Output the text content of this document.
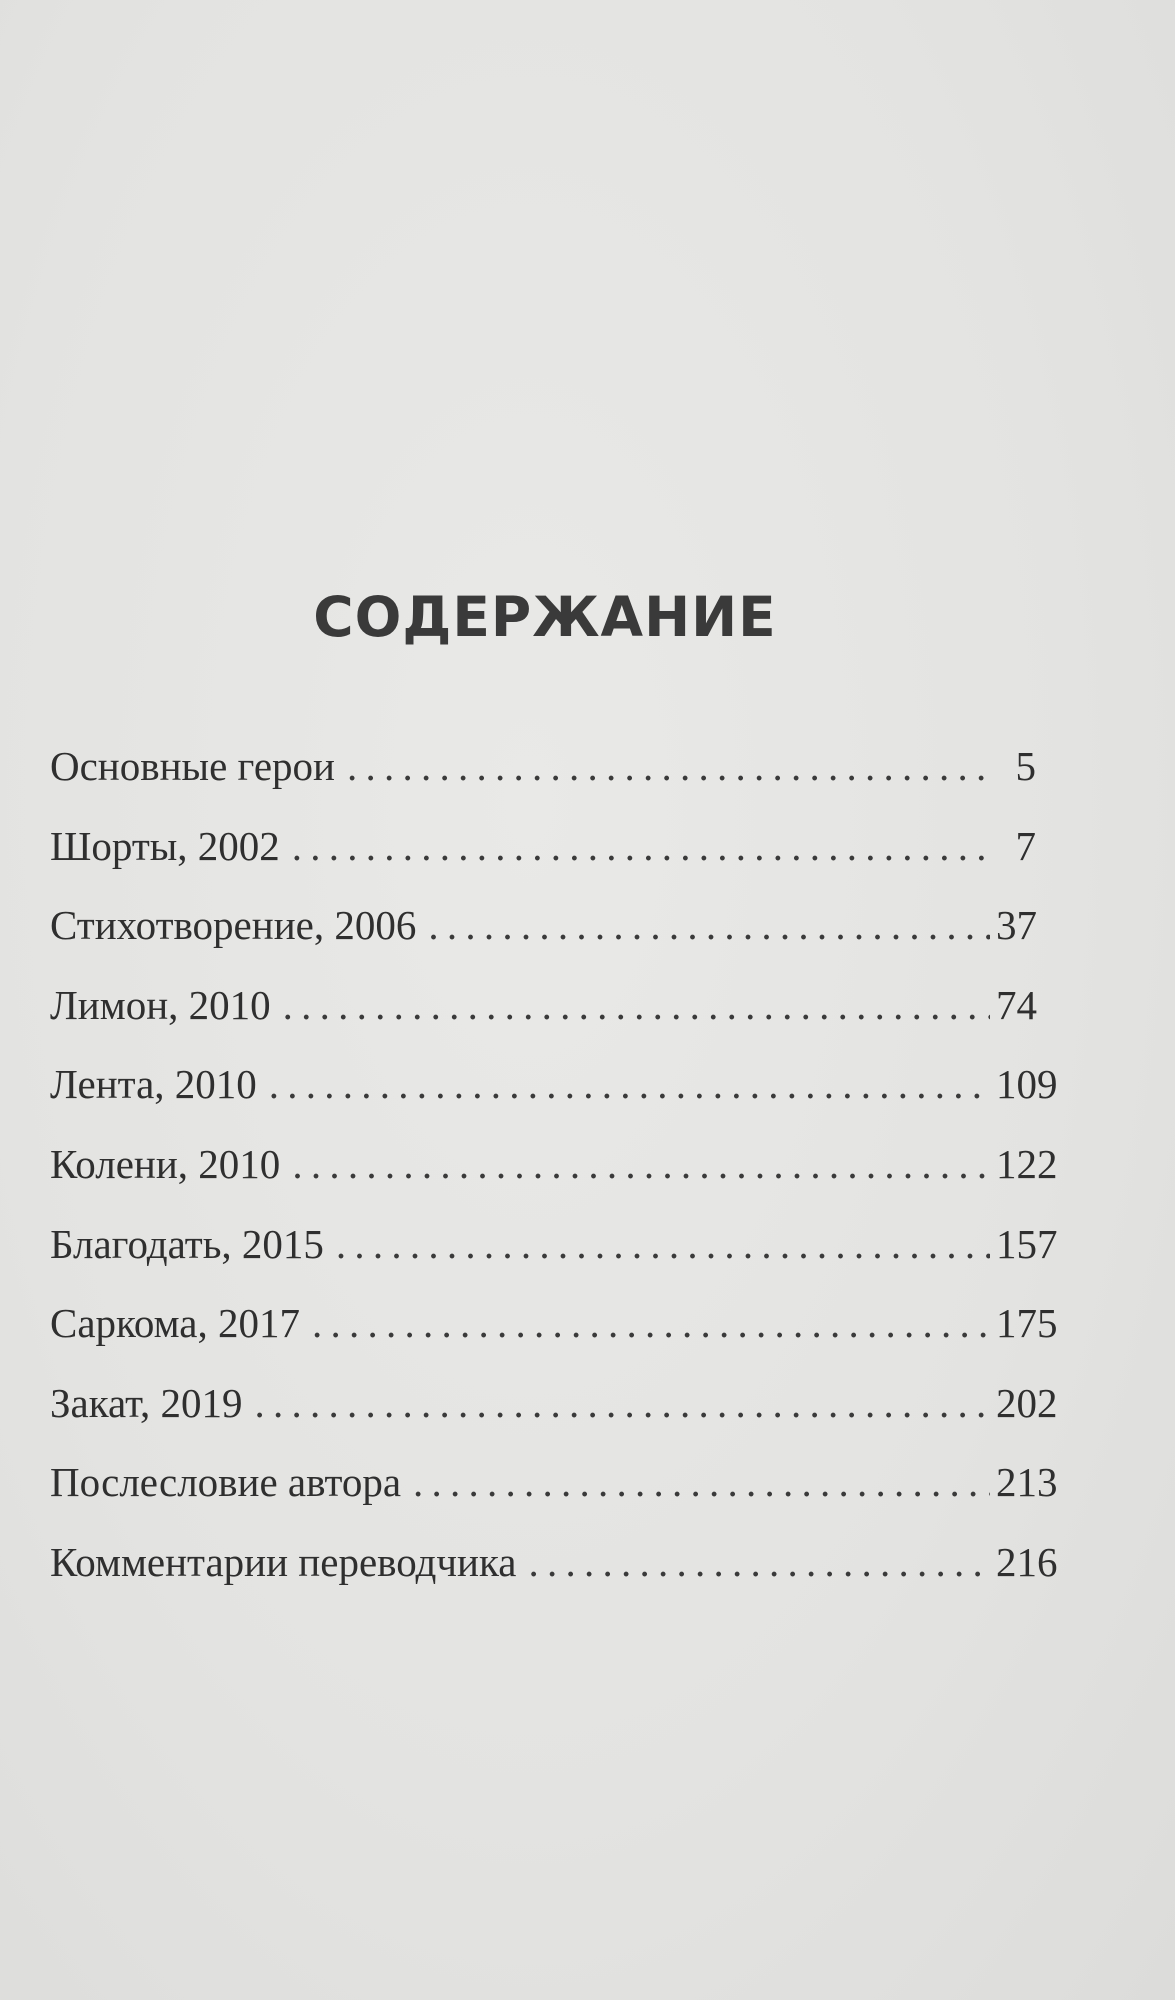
СОДЕРЖАНИЕ
Основные герои . . .	5
Шорты, 2002 . . .	7
Стихотворение, 2006 . . .	37
Лимон, 2010 . . .	74
Лента, 2010 . . .	109
Колени, 2010 . . .	122
Благодать, 2015 . . .	157
Саркома, 2017 . . .	175
Закат, 2019 . . .	202
Послесловие автора . . .	213
Комментарии переводчика . . .	216
